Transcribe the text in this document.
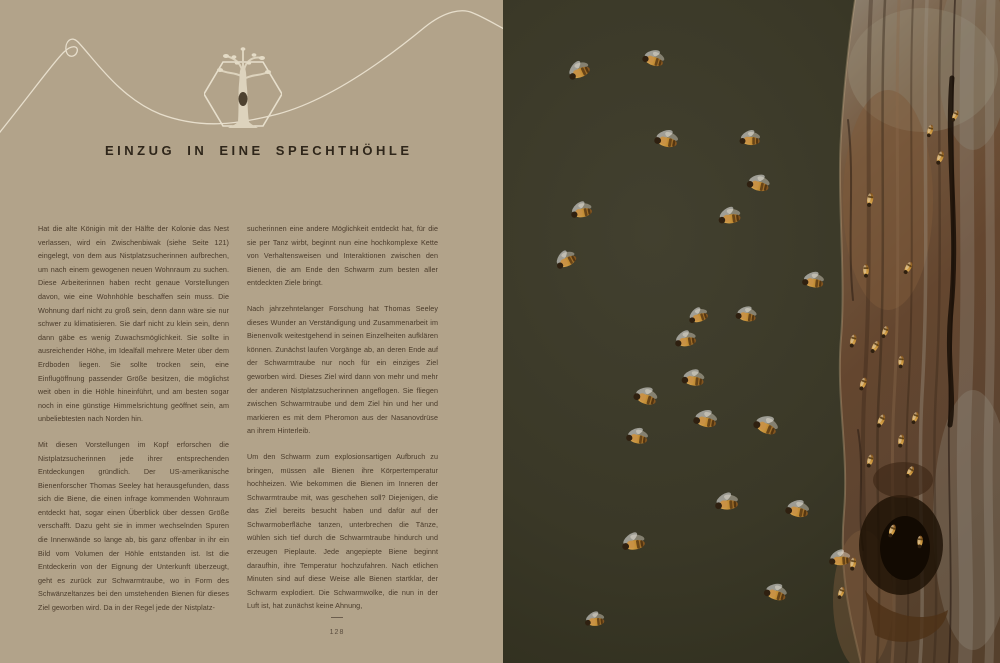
EINZUG IN EINE SPECHTHÖHLE

Hat die alte Königin mit der Hälfte der Kolonie das Nest verlassen, wird ein Zwischenbiwak (siehe Seite 121) eingelegt, von dem aus Nistplatzsucherinnen aufbrechen, um nach einem gewogenen neuen Wohnraum zu suchen. Diese Arbeiterinnen haben recht genaue Vorstellungen davon, wie eine Wohnhöhle beschaffen sein muss. Die Wohnung darf nicht zu groß sein, denn dann wäre sie nur schwer zu klimatisieren. Sie darf nicht zu klein sein, denn dann gäbe es wenig Zuwachsmöglichkeit. Sie sollte in ausreichender Höhe, im Idealfall mehrere Meter über dem Erdboden liegen. Sie sollte trocken sein, eine Einflugöffnung passender Größe besitzen, die möglichst weit oben in die Höhle hineinführt, und am besten sogar noch in eine günstige Himmelsrichtung geöffnet sein, am unbeliebtesten nach Norden hin.

Mit diesen Vorstellungen im Kopf erforschen die Nistplatzsucherinnen jede ihrer entsprechenden Entdeckungen gründlich. Der US-amerikanische Bienenforscher Thomas Seeley hat herausgefunden, dass sich die Biene, die einen infrage kommenden Wohnraum entdeckt hat, sogar einen Überblick über dessen Größe verschafft. Dazu geht sie in immer wechselnden Spuren die Innenwände so lange ab, bis ganz offenbar in ihr ein Bild vom Volumen der Höhle entstanden ist. Ist die Entdeckerin von der Eignung der Unterkunft überzeugt, geht es zurück zur Schwarmtraube, wo in Form des Schwänzeltanzes bei den umstehenden Bienen für dieses Ziel geworben wird. Da in der Regel jede der Nistplatz-

sucherinnen eine andere Möglichkeit entdeckt hat, für die sie per Tanz wirbt, beginnt nun eine hochkomplexe Kette von Verhaltensweisen und Interaktionen zwischen den Bienen, die am Ende den Schwarm zum besten aller entdeckten Ziele bringt.

Nach jahrzehntelanger Forschung hat Thomas Seeley dieses Wunder an Verständigung und Zusammenarbeit im Bienenvolk weitestgehend in seinen Einzelheiten aufklären können. Zunächst laufen Vorgänge ab, an deren Ende auf der Schwarmtraube nur noch für ein einziges Ziel geworben wird. Dieses Ziel wird dann von mehr und mehr der anderen Nistplatzsucherinnen angeflogen. Sie fliegen zwischen Schwarmtraube und dem Ziel hin und her und markieren es mit dem Pheromon aus der Nasanovdrüse an ihrem Hinterleib.

Um den Schwarm zum explosionsartigen Aufbruch zu bringen, müssen alle Bienen ihre Körpertemperatur hochheizen. Wie bekommen die Bienen im Inneren der Schwarmtraube mit, was geschehen soll? Diejenigen, die das Ziel bereits besucht haben und dafür auf der Schwarmoberfläche tanzen, unterbrechen die Tänze, wühlen sich tief durch die Schwarmtraube hindurch und erzeugen Pieplaute. Jede angepiepte Biene beginnt daraufhin, ihre Temperatur hochzufahren. Nach etlichen Minuten sind auf diese Weise alle Bienen startklar, der Schwarm explodiert. Die Schwarmwolke, die nun in der Luft ist, hat zunächst keine Ahnung,

128
